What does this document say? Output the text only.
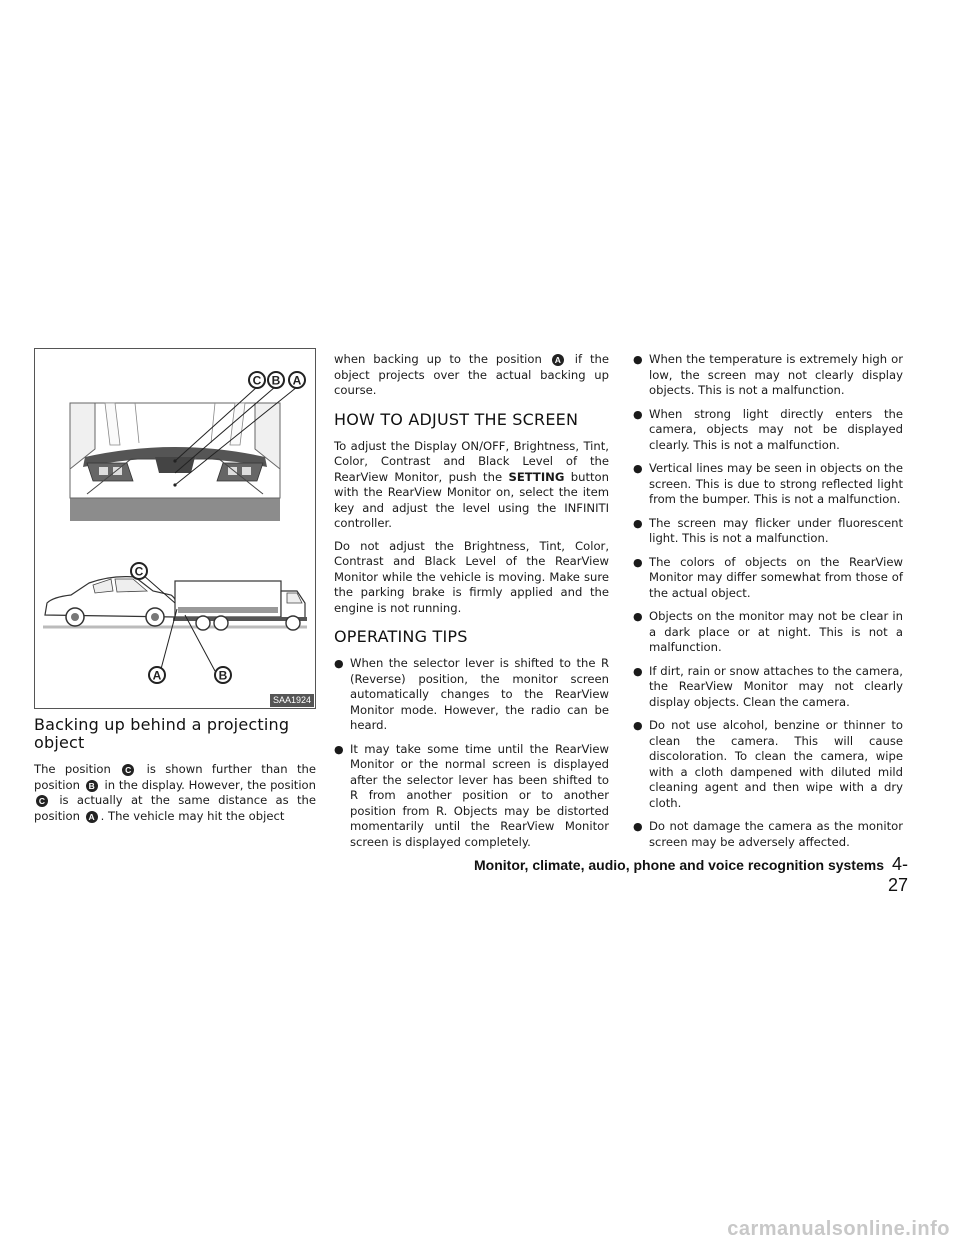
C B A
C
A	B
SAA1924
Backing up behind a projecting object

The position C is shown further than the position B in the display. However, the position C is actually at the same distance as the position A . The vehicle may hit the object

when backing up to the position A if the object projects over the actual backing up course.

HOW TO ADJUST THE SCREEN

To adjust the Display ON/OFF, Brightness, Tint, Color, Contrast and Black Level of the RearView Monitor, push the SETTING button with the RearView Monitor on, select the item key and adjust the level using the INFINITI controller.

Do not adjust the Brightness, Tint, Color, Contrast and Black Level of the RearView Monitor while the vehicle is moving. Make sure the parking brake is firmly applied and the engine is not running.

OPERATING TIPS
● When the selector lever is shifted to the R (Reverse) position, the monitor screen automatically changes to the RearView Monitor mode. However, the radio can be heard.
● It may take some time until the RearView Monitor or the normal screen is displayed after the selector lever has been shifted to R from another position or to another position from R. Objects may be distorted momentarily until the RearView Monitor screen is displayed completely.
● When the temperature is extremely high or low, the screen may not clearly display objects. This is not a malfunction.
● When strong light directly enters the camera, objects may not be displayed clearly. This is not a malfunction.
● Vertical lines may be seen in objects on the screen. This is due to strong reflected light from the bumper. This is not a malfunction.
● The screen may flicker under fluorescent light. This is not a malfunction.
● The colors of objects on the RearView Monitor may differ somewhat from those of the actual object.
● Objects on the monitor may not be clear in a dark place or at night. This is not a malfunction.
● If dirt, rain or snow attaches to the camera, the RearView Monitor may not clearly display objects. Clean the camera.
● Do not use alcohol, benzine or thinner to clean the camera. This will cause discoloration. To clean the camera, wipe with a cloth dampened with diluted mild cleaning agent and then wipe with a dry cloth.
● Do not damage the camera as the monitor screen may be adversely affected.
Monitor, climate, audio, phone and voice recognition systems 4-27
carmanualsonline.info
